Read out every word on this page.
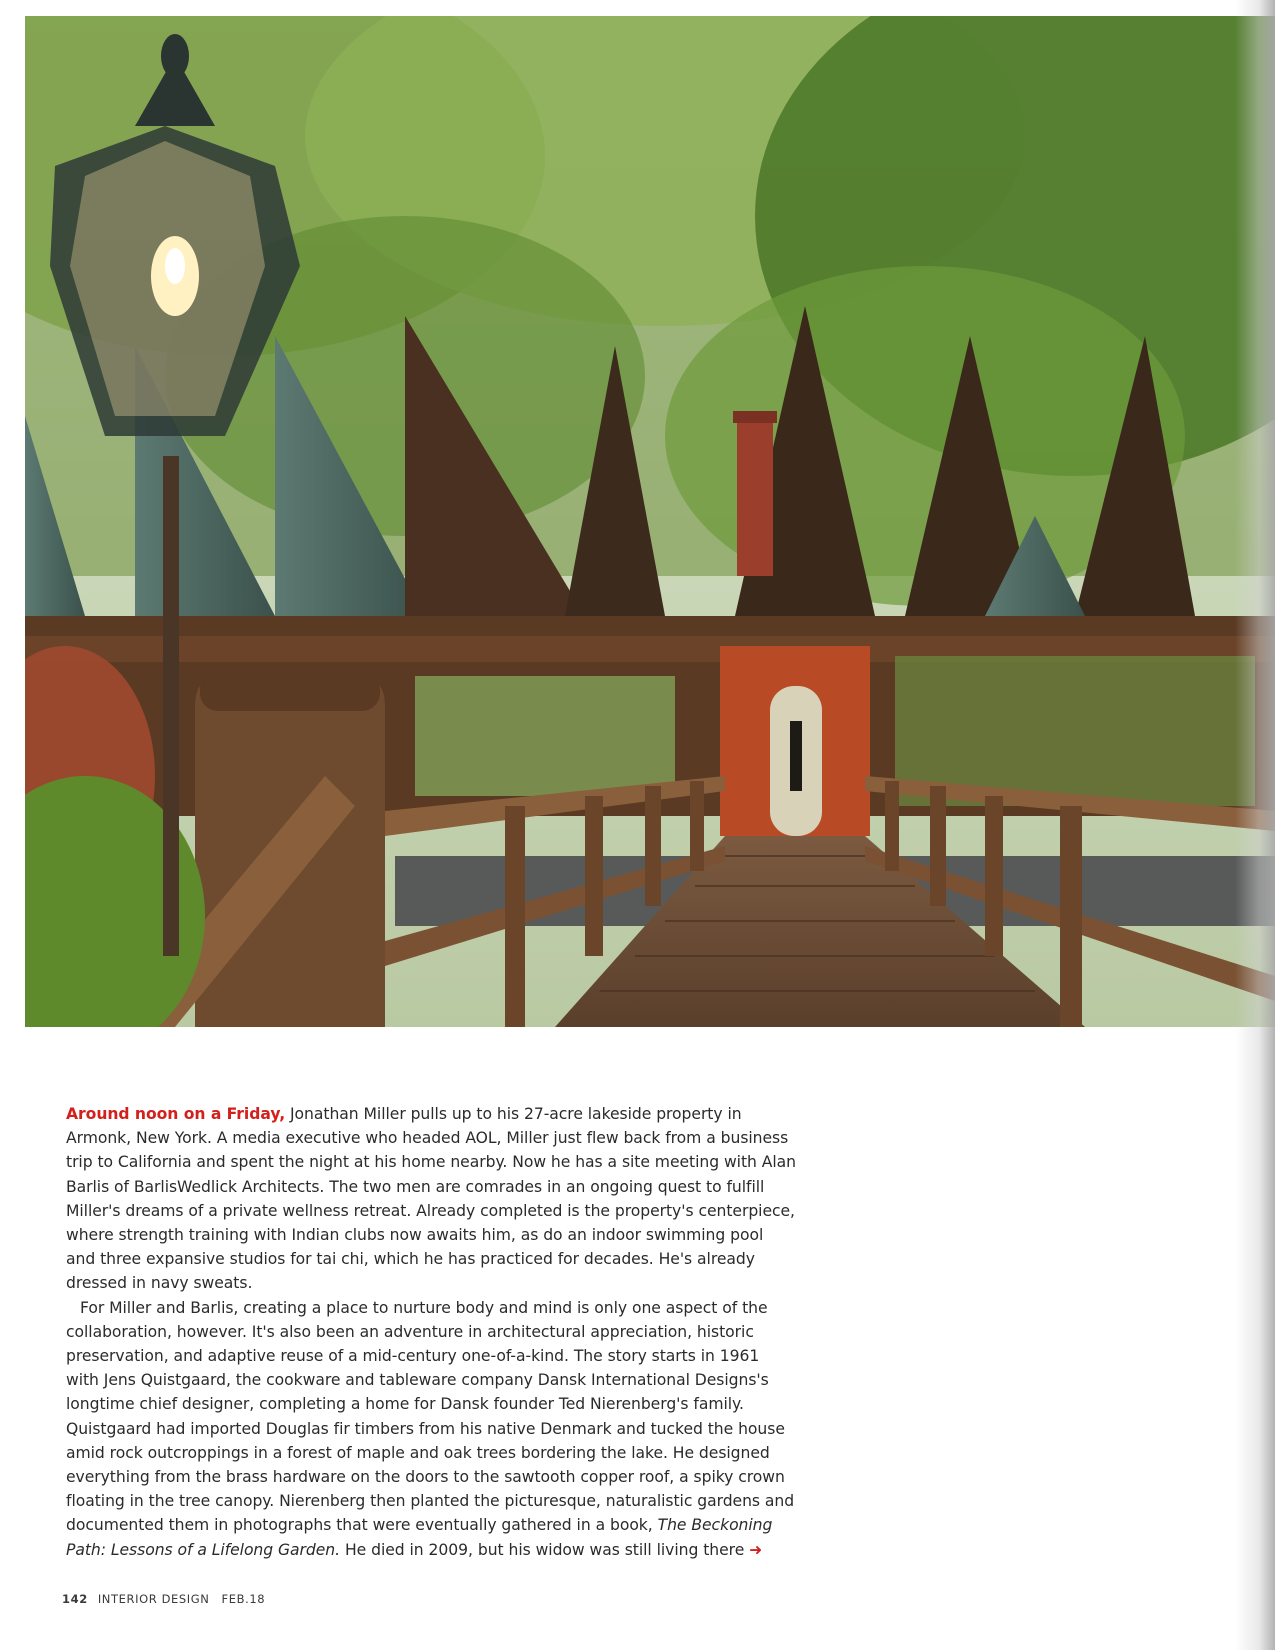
Around noon on a Friday, Jonathan Miller pulls up to his 27-acre lakeside property in Armonk, New York. A media executive who headed AOL, Miller just flew back from a business trip to California and spent the night at his home nearby. Now he has a site meeting with Alan Barlis of BarlisWedlick Architects. The two men are comrades in an ongoing quest to fulfill Miller's dreams of a private wellness retreat. Already completed is the property's centerpiece, where strength training with Indian clubs now awaits him, as do an indoor swimming pool and three expansive studios for tai chi, which he has practiced for decades. He's already dressed in navy sweats.

For Miller and Barlis, creating a place to nurture body and mind is only one aspect of the collaboration, however. It's also been an adventure in architectural appreciation, historic preservation, and adaptive reuse of a mid-century one-of-a-kind. The story starts in 1961 with Jens Quistgaard, the cookware and tableware company Dansk International Designs's longtime chief designer, completing a home for Dansk founder Ted Nierenberg's family. Quistgaard had imported Douglas fir timbers from his native Denmark and tucked the house amid rock outcroppings in a forest of maple and oak trees bordering the lake. He designed everything from the brass hardware on the doors to the sawtooth copper roof, a spiky crown floating in the tree canopy. Nierenberg then planted the picturesque, naturalistic gardens and documented them in photographs that were eventually gathered in a book, The Beckoning Path: Lessons of a Lifelong Garden. He died in 2009, but his widow was still living there ➜

142 INTERIOR DESIGN FEB.18
